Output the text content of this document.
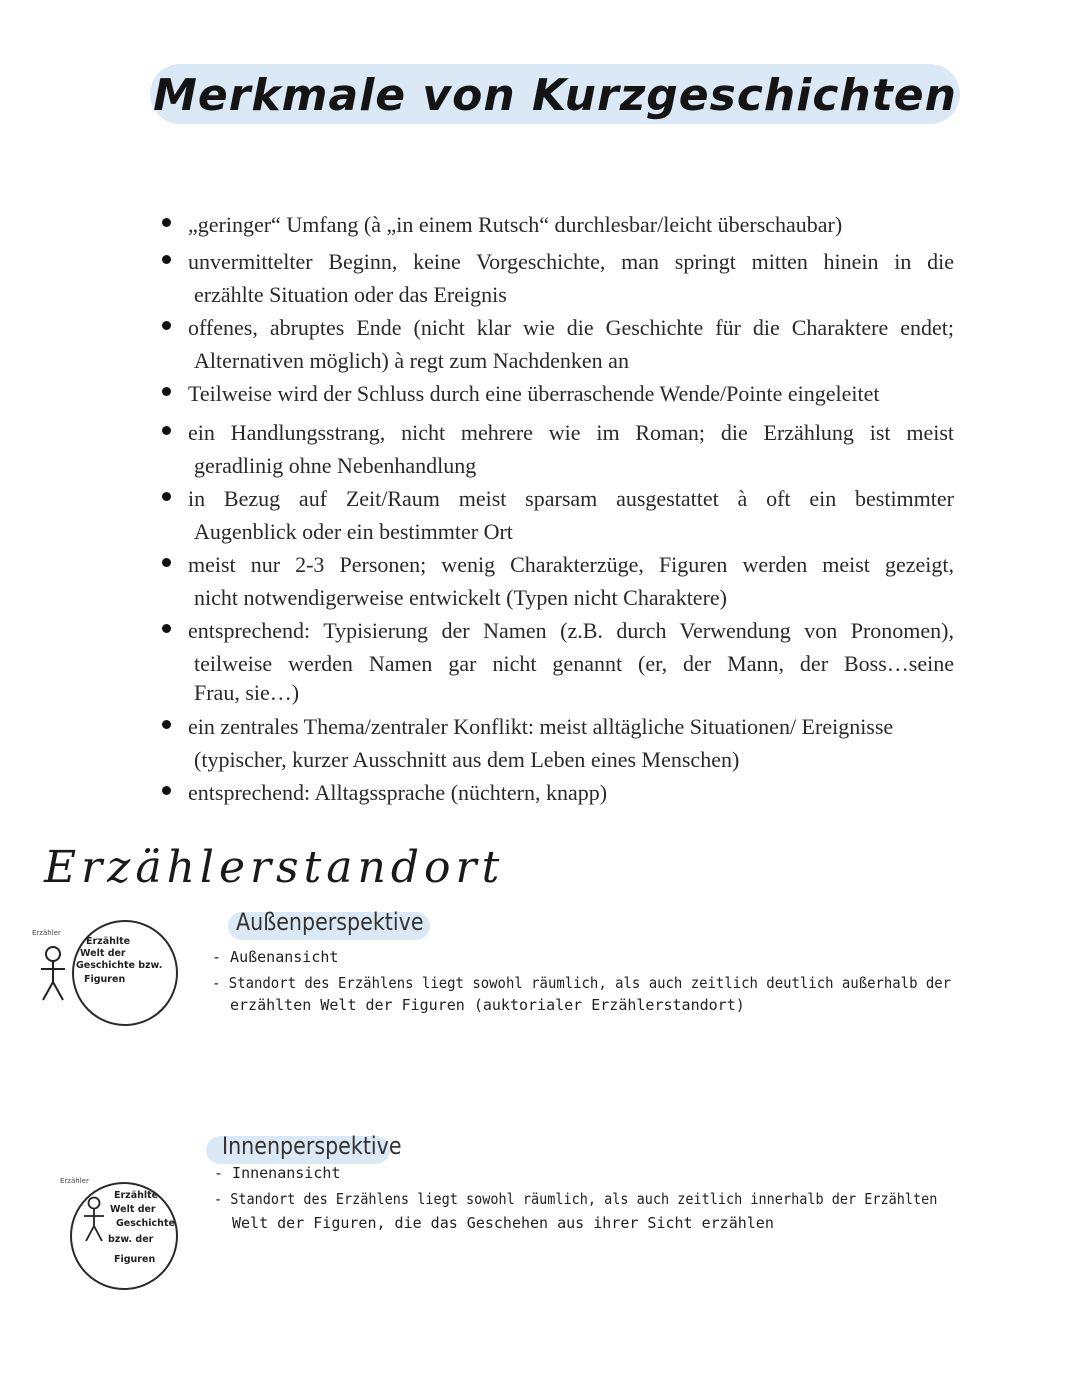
Merkmale von Kurzgeschichten
„geringer“ Umfang (à „in einem Rutsch“ durchlesbar/leicht überschaubar)
unvermittelter Beginn, keine Vorgeschichte, man springt mitten hinein in die
erzählte Situation oder das Ereignis
offenes, abruptes Ende (nicht klar wie die Geschichte für die Charaktere endet;
Alternativen möglich) à regt zum Nachdenken an
Teilweise wird der Schluss durch eine überraschende Wende/Pointe eingeleitet
ein Handlungsstrang, nicht mehrere wie im Roman; die Erzählung ist meist
geradlinig ohne Nebenhandlung
in Bezug auf Zeit/Raum meist sparsam ausgestattet à oft ein bestimmter
Augenblick oder ein bestimmter Ort
meist nur 2-3 Personen; wenig Charakterzüge, Figuren werden meist gezeigt,
nicht notwendigerweise entwickelt (Typen nicht Charaktere)
entsprechend: Typisierung der Namen (z.B. durch Verwendung von Pronomen),
teilweise werden Namen gar nicht genannt (er, der Mann, der Boss…seine
Frau, sie…)
ein zentrales Thema/zentraler Konflikt: meist alltägliche Situationen/ Ereignisse
(typischer, kurzer Ausschnitt aus dem Leben eines Menschen)
entsprechend: Alltagssprache (nüchtern, knapp)
Erzählerstandort
Außenperspektive
- Außenansicht
- Standort des Erzählens liegt sowohl räumlich, als auch zeitlich deutlich außerhalb der
erzählten Welt der Figuren (auktorialer Erzählerstandort)
Erzähler
Erzählte
Welt der
Geschichte bzw.
Figuren
Innenperspektive
- Innenansicht
- Standort des Erzählens liegt sowohl räumlich, als auch zeitlich innerhalb der Erzählten
Welt der Figuren, die das Geschehen aus ihrer Sicht erzählen
Erzähler
Erzählte
Welt der
Geschichte
bzw. der
Figuren
